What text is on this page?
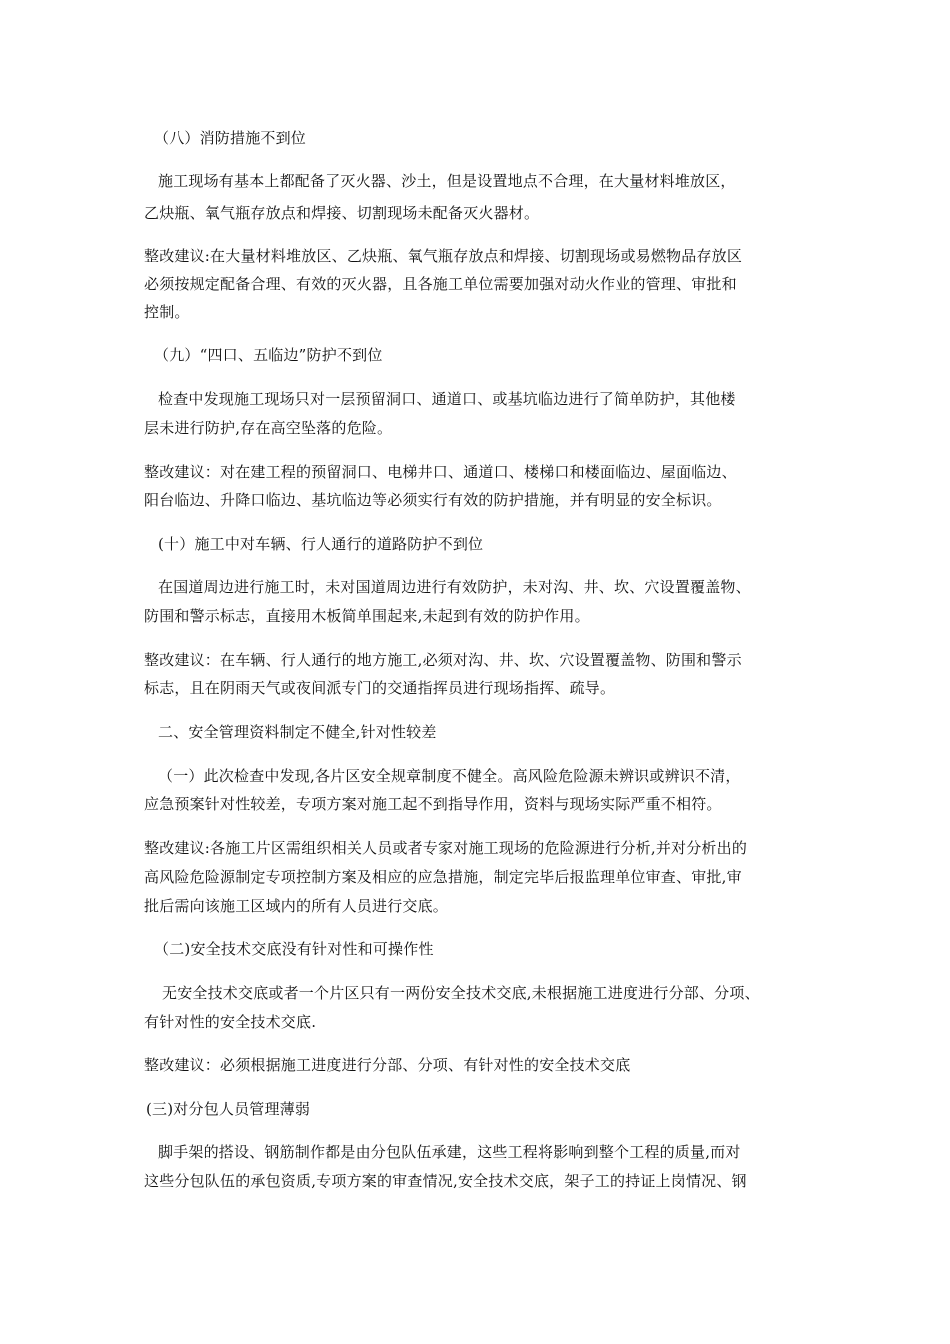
（八）消防措施不到位
施工现场有基本上都配备了灭火器、沙土，但是设置地点不合理，在大量材料堆放区，
乙炔瓶、氧气瓶存放点和焊接、切割现场未配备灭火器材。
整改建议:在大量材料堆放区、乙炔瓶、氧气瓶存放点和焊接、切割现场或易燃物品存放区
必须按规定配备合理、有效的灭火器，且各施工单位需要加强对动火作业的管理、审批和
控制。
（九）“四口、五临边”防护不到位
检查中发现施工现场只对一层预留洞口、通道口、或基坑临边进行了简单防护，其他楼
层未进行防护,存在高空坠落的危险。
整改建议：对在建工程的预留洞口、电梯井口、通道口、楼梯口和楼面临边、屋面临边、
阳台临边、升降口临边、基坑临边等必须实行有效的防护措施，并有明显的安全标识。
(十）施工中对车辆、行人通行的道路防护不到位
在国道周边进行施工时，未对国道周边进行有效防护，未对沟、井、坎、穴设置覆盖物、
防围和警示标志，直接用木板简单围起来,未起到有效的防护作用。
整改建议：在车辆、行人通行的地方施工,必须对沟、井、坎、穴设置覆盖物、防围和警示
标志，且在阴雨天气或夜间派专门的交通指挥员进行现场指挥、疏导。
二、安全管理资料制定不健全,针对性较差
（一）此次检查中发现,各片区安全规章制度不健全。高风险危险源未辨识或辨识不清，
应急预案针对性较差，专项方案对施工起不到指导作用，资料与现场实际严重不相符。
整改建议:各施工片区需组织相关人员或者专家对施工现场的危险源进行分析,并对分析出的
高风险危险源制定专项控制方案及相应的应急措施，制定完毕后报监理单位审查、审批,审
批后需向该施工区域内的所有人员进行交底。
（二)安全技术交底没有针对性和可操作性
无安全技术交底或者一个片区只有一两份安全技术交底,未根据施工进度进行分部、分项、
有针对性的安全技术交底.
整改建议：必须根据施工进度进行分部、分项、有针对性的安全技术交底
(三)对分包人员管理薄弱
脚手架的搭设、钢筋制作都是由分包队伍承建，这些工程将影响到整个工程的质量,而对
这些分包队伍的承包资质,专项方案的审查情况,安全技术交底，架子工的持证上岗情况、钢
